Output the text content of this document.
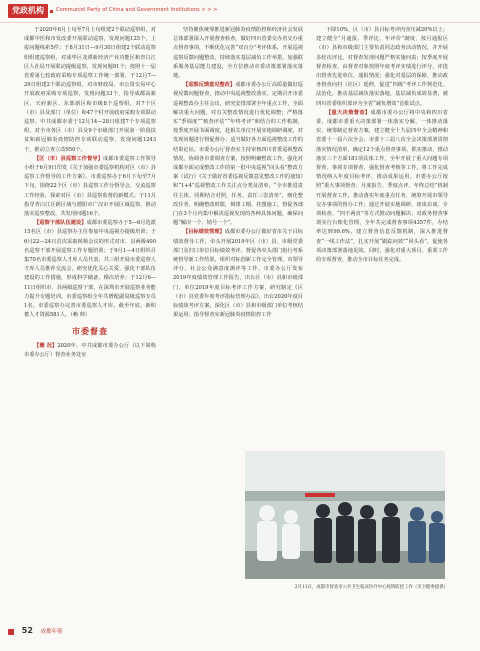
党政机构	Communist Party of China and Government Institutions > > >

于2020年6月上旬至7月上旬组建2个联动巡察组，对成都中医和市发改委开展联动巡察，发现问题125个，上报问题线索5件；于8月31日—9月30日组建2个联动巡察组组建巡察组，对成华区龙潭新经济产业功能区和青白江区人社局开展联动提级巡察，发现问题91个；按照十一届省委第七轮政府采购专项巡察工作统一部署，于12月7—29日组建2个联动巡察组，对市财政局、市公资交易中心开展政府采购专项巡察，发现问题33个，指导成都高新区、天府新区、东部新区和市级8个巡察组，对7个区（市）县及部门（单位）和47个村开展政府采购专项联动巡察。中共成都市委于12月14—28日组建7个专项巡察组，对全市各区（市）县及9个市级部门开展第一阶段扶贫和新冠肺炎疫情防控专项联动巡察，发现问题1243个，推动立查立改950个。

【区（市）县巡察工作督导】成都市委巡察工作领导小组于6月9日印发《关于加强市委巡察机构对区（市）县巡察工作督导的工作方案》。市委巡察办于6月下旬至7月下旬，围绕22个区（市）县巡察工作分督导会，交流巡察工作经验，探索对区（市）县巡察监督的新模式；于11月指导青白江区跨区域与德阳市广汉市开展区域巡察，推动落实巡察整改，共发现问题16个。

【巡察干部队伍建设】成都市委巡察办于5—6月选派15名区（市）县巡察办主任参加中央巡视办提级培训；于6月22—24日首次采取视频会议的形式对市、县两级400名巡察干部开展巡察工作专题培训；于9月1—4日组织召集70名市委巡察人才库人员代表，共三组开展市委巡察人才库人员推荐交流会，研究优化关心关爱、强化干部队伍建设的工作措施，形成科学储备、梯次培养；于12月6—11日组织市、县两级巡察干部，在深圳市开展巡察业务能力提升专题培训。市委巡察组全年共增配副局级巡察专员1名。市委巡察办完善市委巡察人才库，截至年底，新积蓄人才资源581人。（赖 帅）

市委督查

【概 况】2020年，中共成都市委办公厅（以下简称市委办公厅）督查业务处室

坚持聚焦统筹推进新冠肺炎疫情防控和经济社会发展总体部署深入开展督查检查，做好四川省委交办省交办重点督查事项，不断优化完善“双百分”考评体系，开展巡视巡察反馈问题整改，持续落实基层减负工作举措，加强联系服务基层能力建设，全方位推动市委决策部署落实落地。

【巡察反馈意见整改】成都市委办公厅高质量做好巡视反馈问题督查，推动中央巡视整改落实，定期召开市委巡视整改办主任会议，研究安排部署全年重点工作，全面解决重大问题，对有关整改情况进行优化调整；严格落实“季调度”“核查评估”“年终考评”和结合的工作机制，按季度开展书面调度，赴相关单位开展实地调研调度，对发现问题进行督促督办；适当做好各方面巡视整改工作的结果论证。市委办公厅督查室主持审核四川省委巡视整改情况，协调各市委调查方案，按照明确整改工作。强化对成都全面完成整改工作的第一批中央巡视“回头看”整改方案（试行）《关于做好省委巡视反馈意见整改工作的通知》和“1+4”巡视整改工作关注点分类及清单，“全市推进责任主体、同期结合对照，任务、责任三张清单”，细化整改任务，明确整改时限，倒排工期、挂图施工，督促各部门在3个月内集中解决巡视发现的各种具体问题，确保问题“解决一个、销号一个”。

【目标绩效管理】成都市委办公厅做好省市关于目标绩效督导工作，牵头开展2019年区（市）县、市级党委部门及归口单位目标绩效考评，督促各牵头部门指行考系统督导新工作结果，组织对标创新工作完全管理，市领导评分、社会公众满意度测评等工作，市委办公厅发布2019年度绩效管理工作报告，出台区（市）县和市级部门、单位2019年度目标考评工作方案，研究制定《区（市）县党委年度考评指标管理办法》，出台2020年度目标绩效考评方案，深化区（市）县和市级部门单位考核结果运用；指导督查室新冠肺炎疫情防控工作

下降10%，区（市）县目标考评内容压减20%以上；建立健全“月通报、季评比、年评价”制度，按月通报区（市）县和市级部门主要负责同志政务活动情况，并开展多轮次评比，对督查发现问题严格实施问责；按季度开展督查检查，由督查对象按照年度考评实绩进行评分，评选出督查先进单位，通报情况；强化对基层的保障，推动政务督查向村（社区）延伸，促进“四级”考评工作规范化、法治化，推动基层减负落实落地，基层减负成效显著，被四川省委组织部评为全省“减负增效”首批试点。

【重大决策督查】成都市委办公厅将中央和四川省委、成都市委重大决策部署一体落实分解，一体推动落实，统筹制定督查方案，建立健全十九届四中全会精神和省委十一届六次全会、市委十三届八次全会决策部署贯彻落实情况清单，确定12个重点督查事项，抓实推动，推动落实三个方面181项具体工作，全年开展了重大问题专项督查、事项专项督查、强化督查考核等工作，将工作完成情况纳入年度目标考评，推动成果运用。市委办公厅按照“重大事项督查、月度报告、季度点评、年终总结”机制开展督查工作，推动落实年度重点任务，统筹开展市领导交办事项的督办工作；通过开展实地调研、座谈访谈、专项检查、“四不两直”等方式推动问题解决；对政务督查事项实行台账化管理，全年共完成督查事项4357件，办结率达到99.6%。建立督查信息反馈机制，深入推进督查“一线工作法”，扎实开展“跟踪问效”“回头看”，促使各项决策部署落地见效。同时，强化对重大项目、重要工作的专项督查，推动全市目标任务完成。

2月11日，成都市督查市公共卫生临床医疗中心疫情防控工作（市卫健委提供）
52 成都年鉴
